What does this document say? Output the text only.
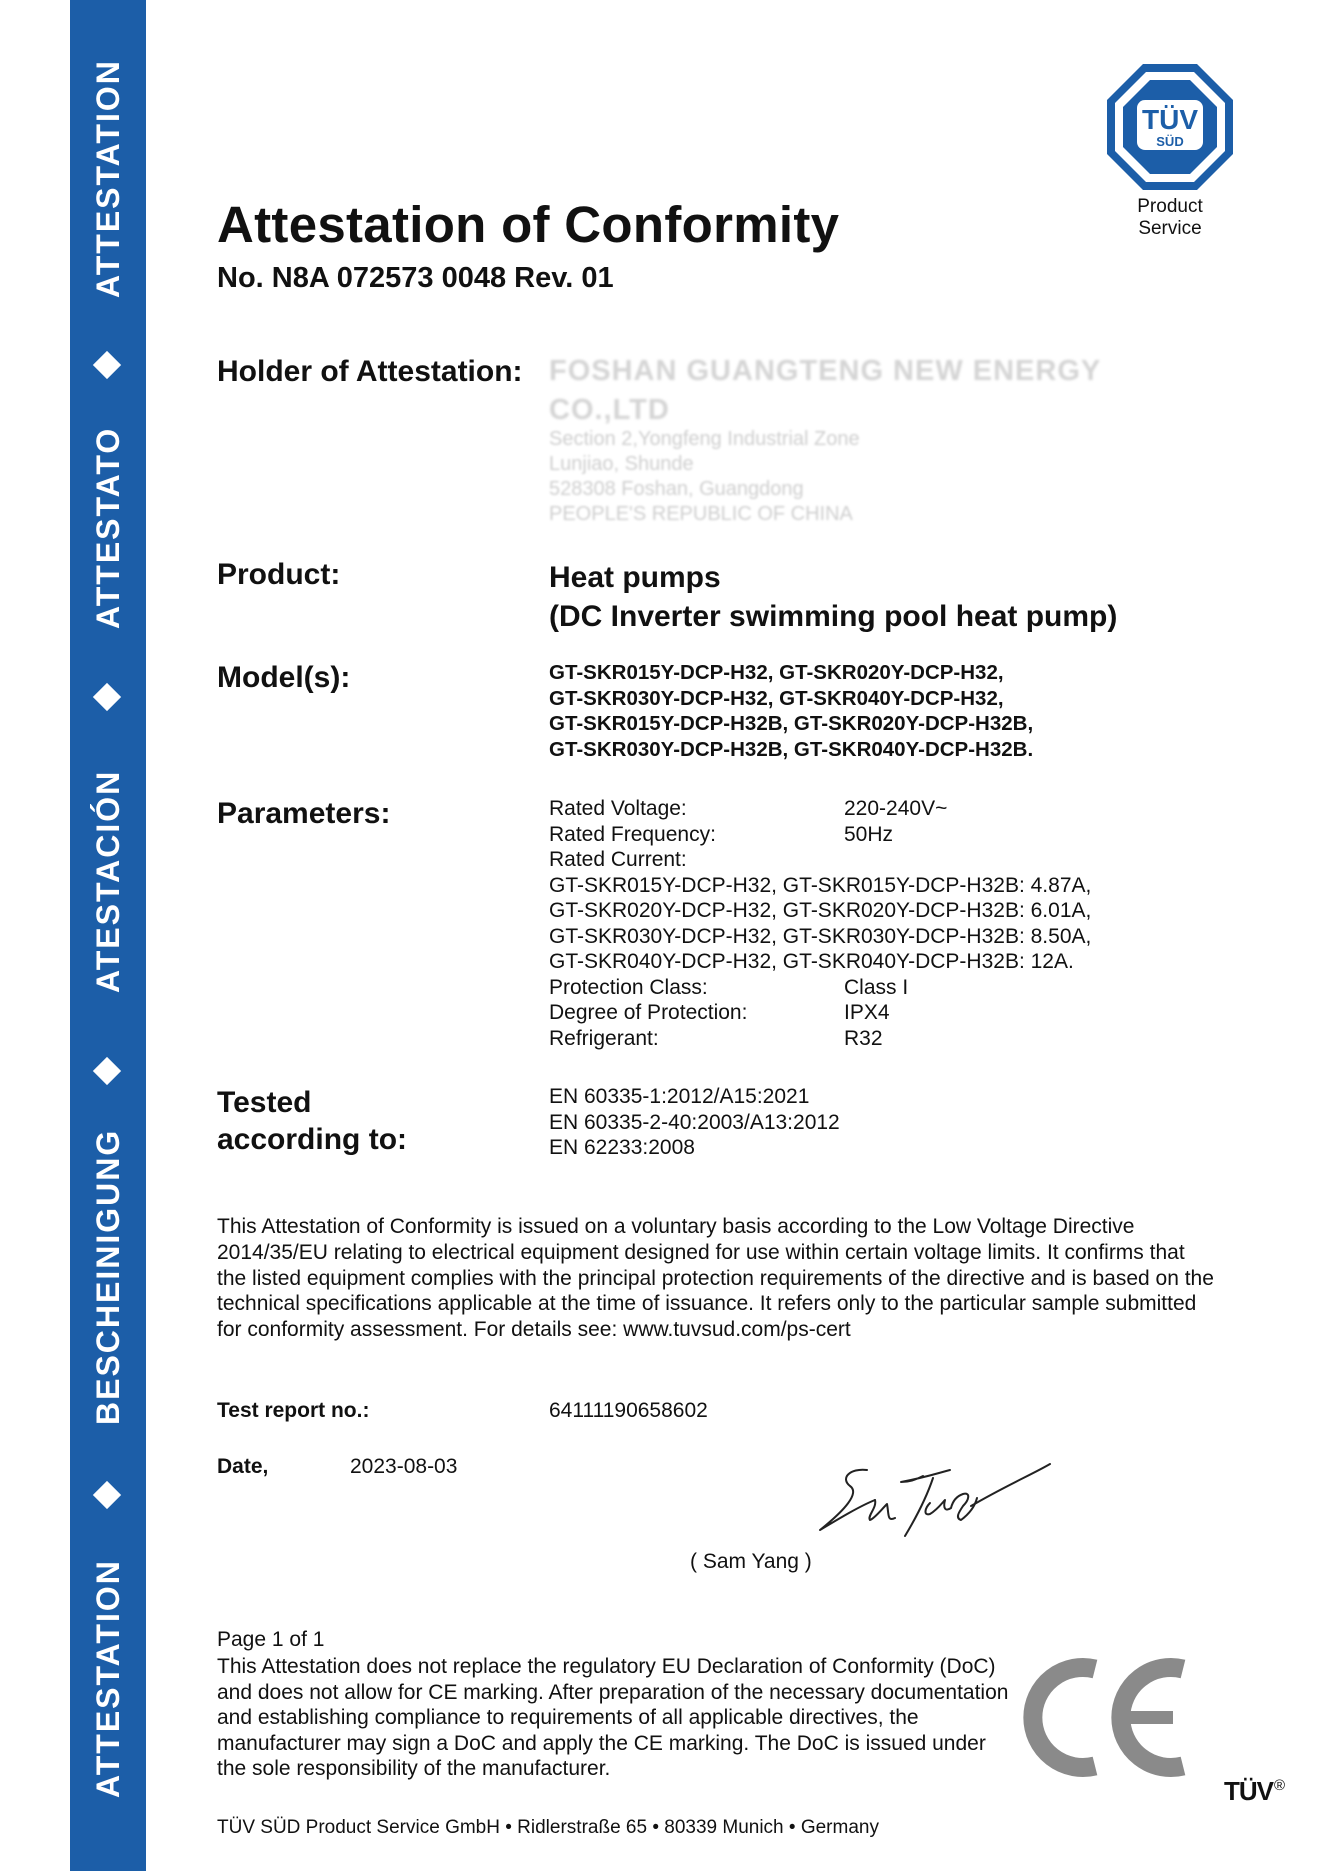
ATTESTATION
ATTESTATO
ATESTACIÓN
BESCHEINIGUNG
ATTESTATION
TÜV
SÜD
Product Service
Attestation of Conformity
No. N8A 072573 0048 Rev. 01
Holder of Attestation: FOSHAN GUANGTENG NEW ENERGY
CO.,LTD
Section 2,Yongfeng Industrial Zone
Lunjiao, Shunde
528308 Foshan, Guangdong
PEOPLE'S REPUBLIC OF CHINA
Product:	Heat pumps
(DC Inverter swimming pool heat pump)
Model(s):	GT-SKR015Y-DCP-H32, GT-SKR020Y-DCP-H32,
GT-SKR030Y-DCP-H32, GT-SKR040Y-DCP-H32,
GT-SKR015Y-DCP-H32B, GT-SKR020Y-DCP-H32B,
GT-SKR030Y-DCP-H32B, GT-SKR040Y-DCP-H32B.
Parameters:	Rated Voltage:	220-240V~
Rated Frequency:	50Hz
Rated Current:
GT-SKR015Y-DCP-H32, GT-SKR015Y-DCP-H32B: 4.87A,
GT-SKR020Y-DCP-H32, GT-SKR020Y-DCP-H32B: 6.01A,
GT-SKR030Y-DCP-H32, GT-SKR030Y-DCP-H32B: 8.50A,
GT-SKR040Y-DCP-H32, GT-SKR040Y-DCP-H32B: 12A.
Protection Class:	Class I
Degree of Protection:	IPX4
Refrigerant:	R32
Tested
according to:
EN 60335-1:2012/A15:2021
EN 60335-2-40:2003/A13:2012
EN 62233:2008
This Attestation of Conformity is issued on a voluntary basis according to the Low Voltage Directive 2014/35/EU relating to electrical equipment designed for use within certain voltage limits. It confirms that the listed equipment complies with the principal protection requirements of the directive and is based on the technical specifications applicable at the time of issuance. It refers only to the particular sample submitted for conformity assessment. For details see: www.tuvsud.com/ps-cert
Test report no.:	64111190658602
Date,	2023-08-03
( Sam Yang )
Page 1 of 1
This Attestation does not replace the regulatory EU Declaration of Conformity (DoC) and does not allow for CE marking. After preparation of the necessary documentation and establishing compliance to requirements of all applicable directives, the manufacturer may sign a DoC and apply the CE marking. The DoC is issued under the sole responsibility of the manufacturer.
CE
TÜV®
TÜV SÜD Product Service GmbH • Ridlerstraße 65 • 80339 Munich • Germany
